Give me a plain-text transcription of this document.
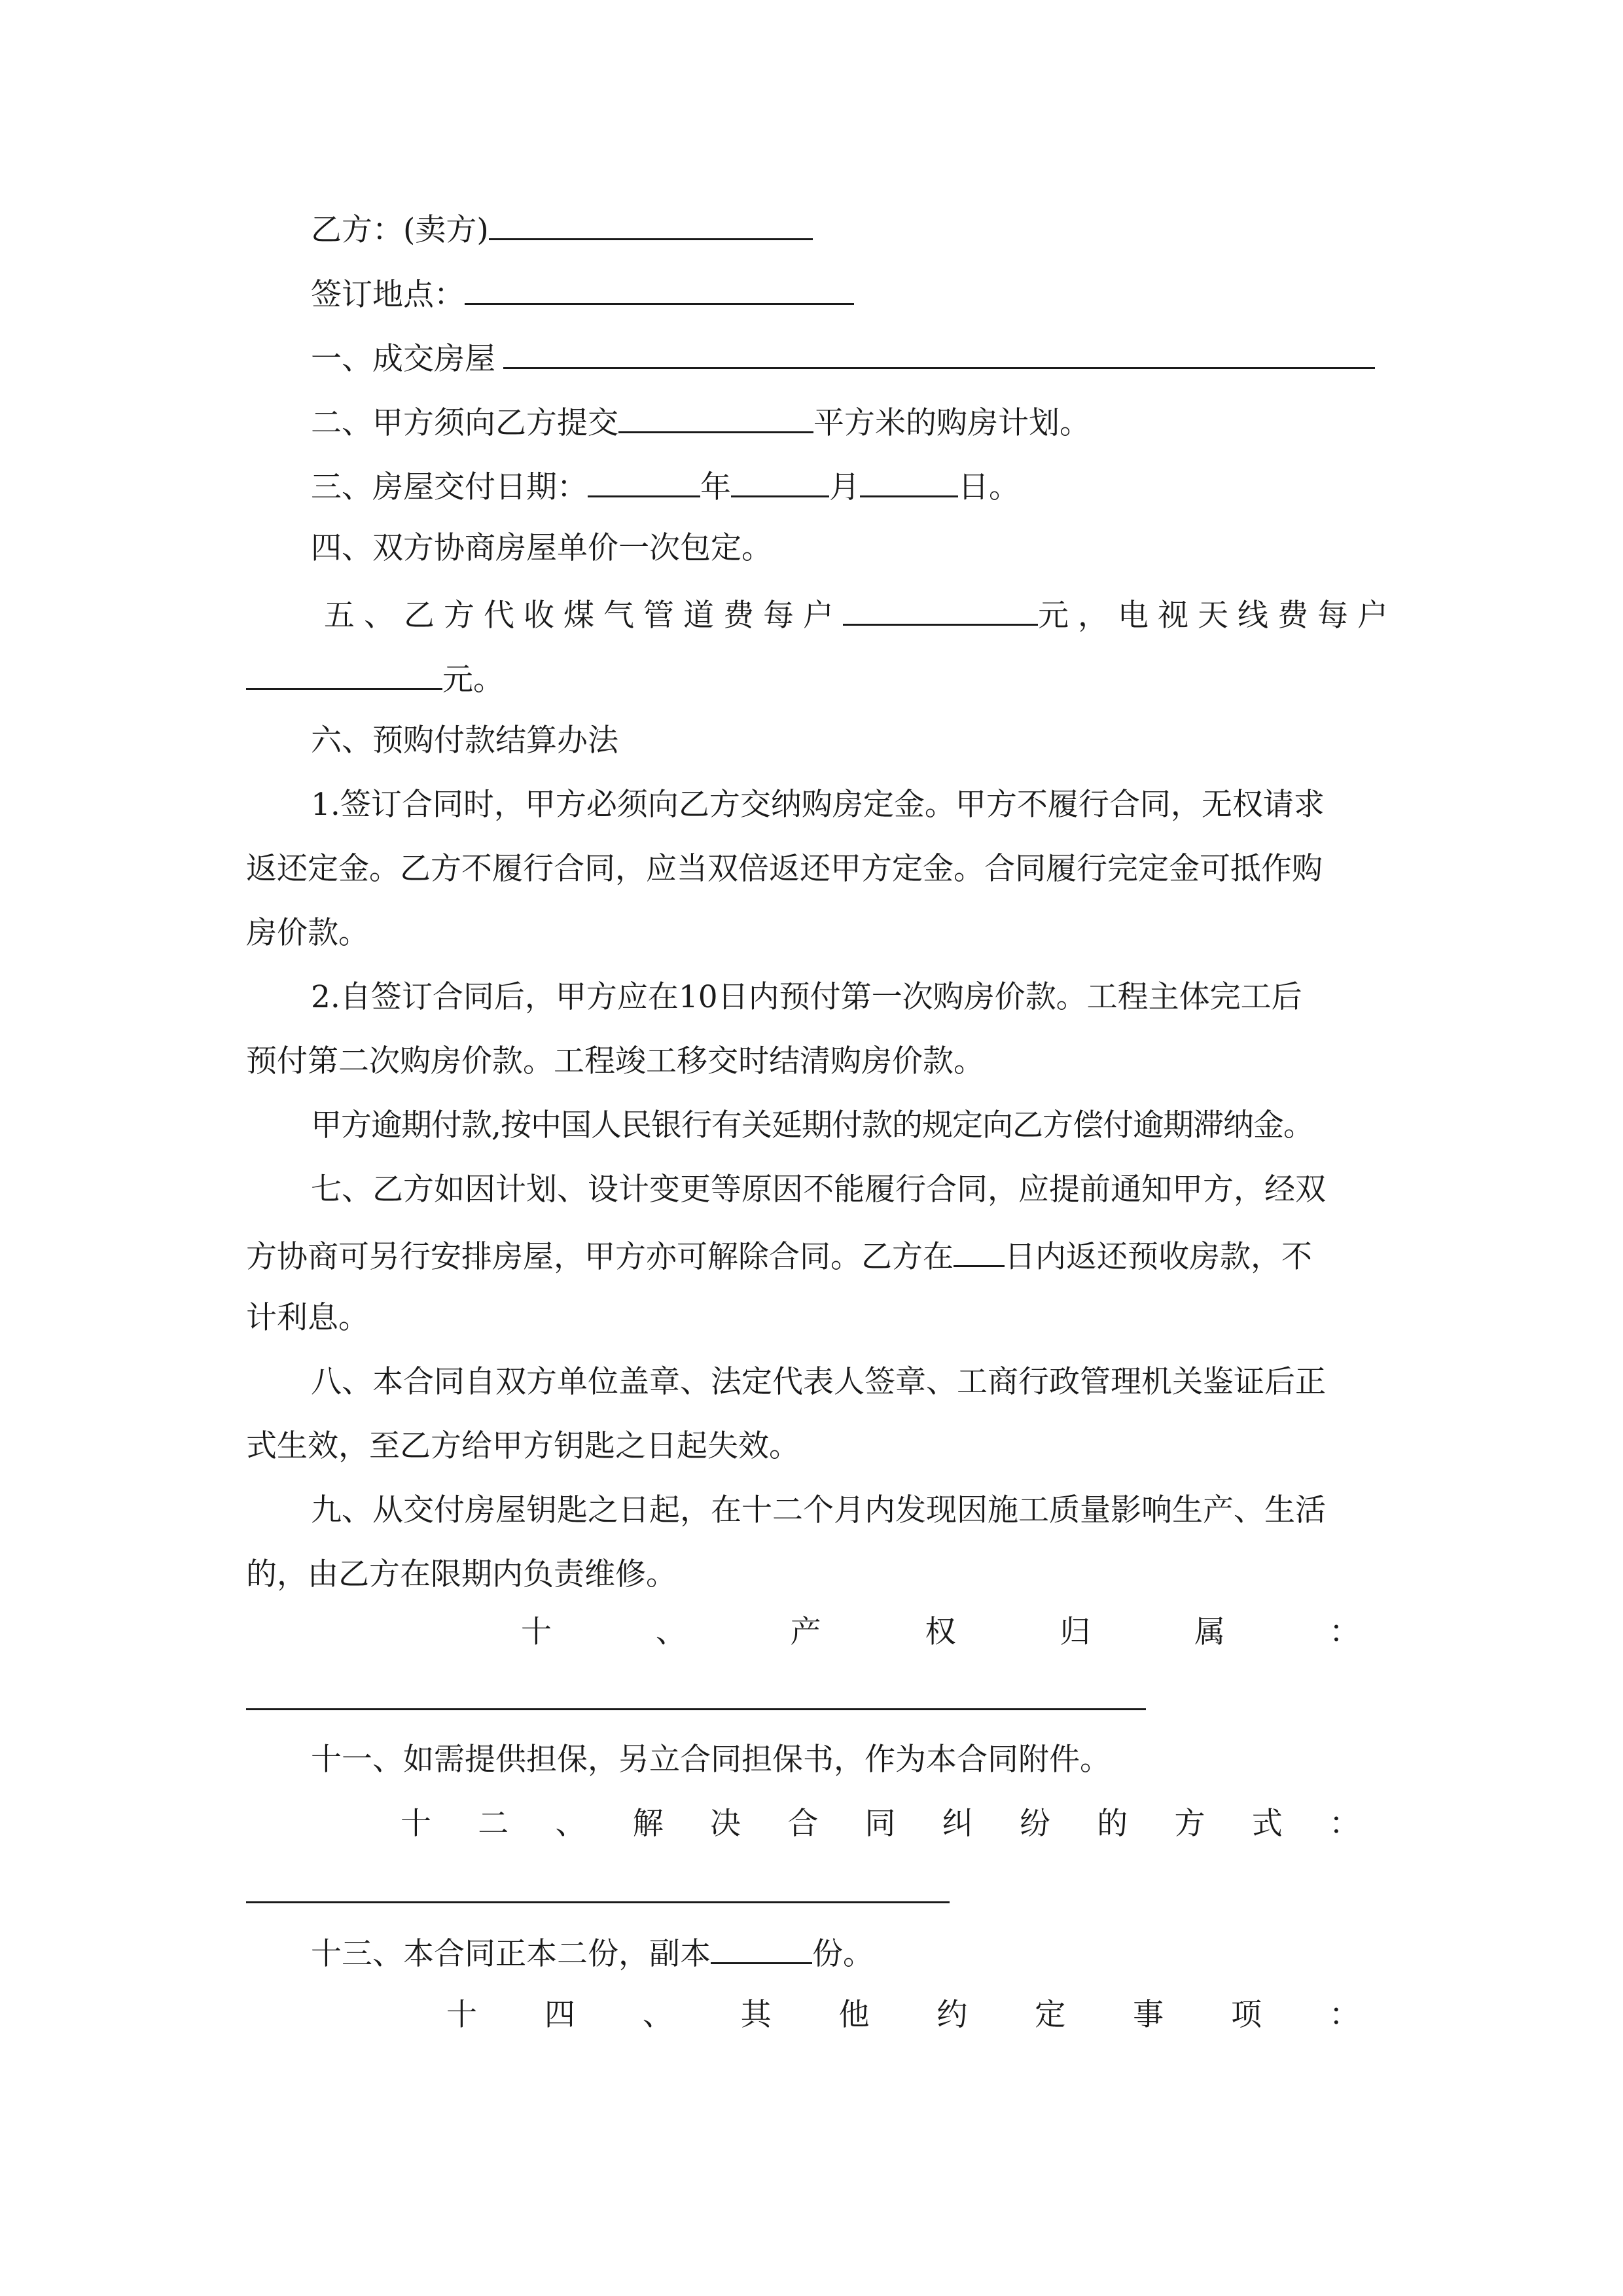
乙方：(卖方)
签订地点：
一、成交房屋
二、甲方须向乙方提交	平方米的购房计划。
三、房屋交付日期：	年	月	日。
四、双方协商房屋单价一次包定。
五、乙方代收煤气管道费每户	元，电视天线费每户
元。
六、预购付款结算办法
1.签订合同时，甲方必须向乙方交纳购房定金。甲方不履行合同，无权请求
返还定金。乙方不履行合同，应当双倍返还甲方定金。合同履行完定金可抵作购
房价款。
2.自签订合同后，甲方应在10日内预付第一次购房价款。工程主体完工后
预付第二次购房价款。工程竣工移交时结清购房价款。
甲方逾期付款,按中国人民银行有关延期付款的规定向乙方偿付逾期滞纳金。
七、乙方如因计划、设计变更等原因不能履行合同，应提前通知甲方，经双
方协商可另行安排房屋，甲方亦可解除合同。乙方在 日内返还预收房款，不
计利息。
八、本合同自双方单位盖章、法定代表人签章、工商行政管理机关鉴证后正
式生效，至乙方给甲方钥匙之日起失效。
九、从交付房屋钥匙之日起，在十二个月内发现因施工质量影响生产、生活
的，由乙方在限期内负责维修。
十	、	产	权	归	属	：
十一、如需提供担保，另立合同担保书，作为本合同附件。
十 二 、 解 决 合 同 纠 纷 的 方 式 ：
十三、本合同正本二份，副本	份。
十 四 、 其 他 约 定 事 项 ：
